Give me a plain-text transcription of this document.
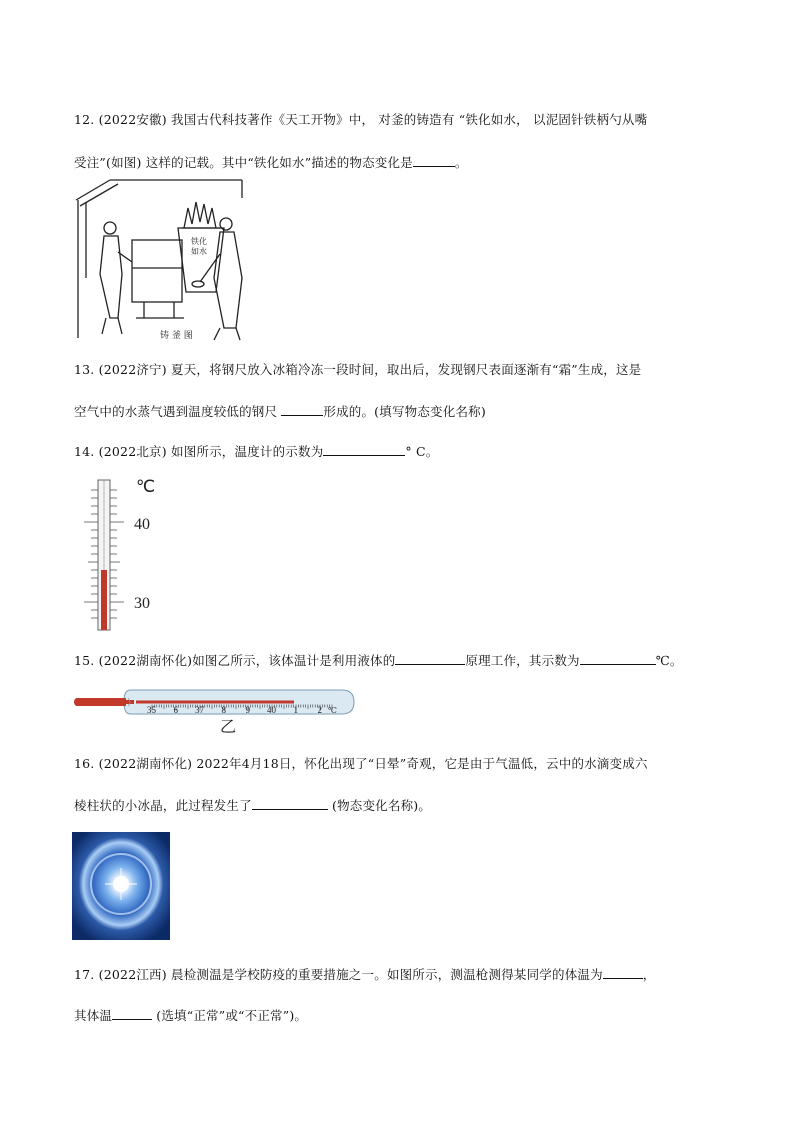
12. (2022安徽) 我国古代科技著作《天工开物》中， 对釜的铸造有 “铁化如水， 以泥固针铁柄勺从嘴
受注”(如图) 这样的记载。其中“铁化如水”描述的物态变化是	。
铁化 如水
铸 釜 图
13. (2022济宁) 夏天，将钢尺放入冰箱冷冻一段时间，取出后，发现钢尺表面逐渐有“霜”生成，这是
空气中的水蒸气遇到温度较低的钢尺	形成的。(填写物态变化名称)
14. (2022北京) 如图所示，温度计的示数为	° C。
℃
40
30
15. (2022湖南怀化)如图乙所示，该体温计是利用液体的	原理工作，其示数为	℃。
35 6 37 8 9 40 1 2 ℃
乙
16. (2022湖南怀化) 2022年4月18日，怀化出现了“日晕”奇观，它是由于气温低，云中的水滴变成六
棱柱状的小冰晶，此过程发生了	(物态变化名称)。
17. (2022江西) 晨检测温是学校防疫的重要措施之一。如图所示，测温枪测得某同学的体温为	，
其体温	(选填“正常”或“不正常”)。
